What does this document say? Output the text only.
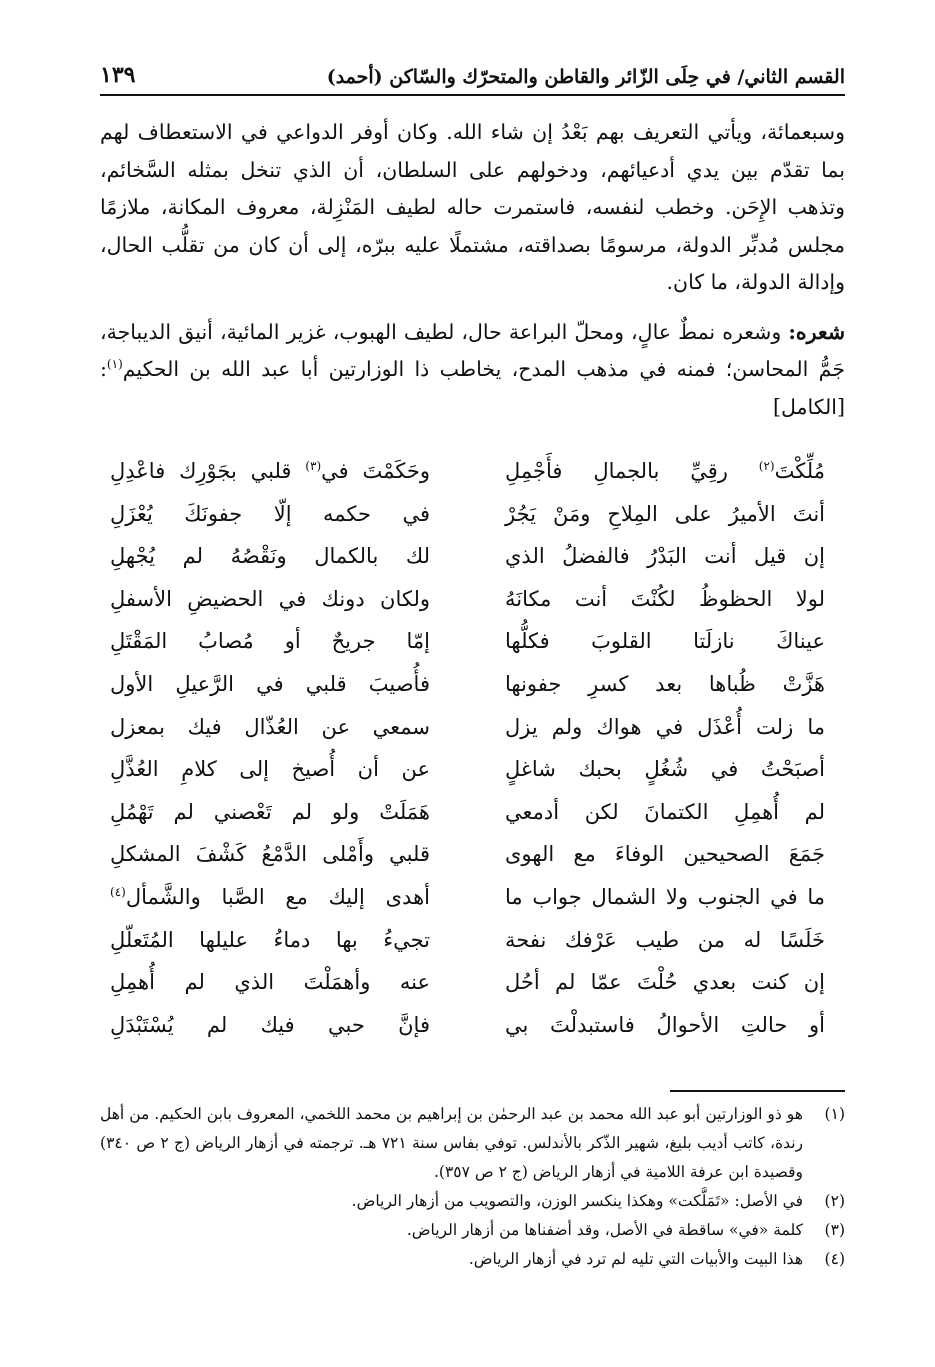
القسم الثاني/ في حِلَى الزّائر والقاطن والمتحرّك والسّاكن (أحمد)
١٣٩

وسبعمائة، ويأتي التعريف بهم بَعْدُ إن شاء الله. وكان أوفر الدواعي في الاستعطاف لهم بما تقدّم بين يدي أدعيائهم، ودخولهم على السلطان، أن الذي تنخل بمثله السَّخائم، وتذهب الإِحَن. وخطب لنفسه، فاستمرت حاله لطيف المَنْزِلة، معروف المكانة، ملازمًا مجلس مُدبِّر الدولة، مرسومًا بصداقته، مشتملًا عليه ببرّه، إلى أن كان من تقلُّب الحال، وإدالة الدولة، ما كان.

شعره: وشعره نمطٌ عالٍ، ومحلّ البراعة حال، لطيف الهبوب، غزير المائية، أنيق الديباجة، جَمُّ المحاسن؛ فمنه في مذهب المدح، يخاطب ذا الوزارتين أبا عبد الله بن الحكيم$^{(١)}$: [الكامل]

مُلِّكْتَ$^{(٢)}$ رقِيِّ بالجمالِ فأَجْمِلِ
وحَكَمْتَ في$^{(٣)}$ قلبي بجَوْرِك فاعْدِلِ
أنتَ الأميرُ على المِلاحِ ومَنْ يَجُرْ
في حكمه إلّا جفونَكَ يُعْزَلِ
إن قيل أنت البَدْرُ فالفضلُ الذي
لك بالكمال ونَقْصُهُ لم يُجْهلِ
لولا الحظوظُ لكُنْتَ أنت مكانَهُ
ولكان دونك في الحضيضِ الأسفلِ
عيناكَ نازلَتا القلوبَ فكلُّها
إمّا جريحٌ أو مُصابُ المَقْتَلِ
هَزَّتْ ظُباها بعد كسرِ جفونها
فأُصيبَ قلبي في الرَّعيلِ الأول
ما زلت أُعْذَل في هواك ولم يزل
سمعي عن العُذّال فيك بمعزل
أصبَحْتُ في شُغُلٍ بحبك شاغلٍ
عن أن أُصيخ إلى كلامِ العُذَّلِ
لم أُهمِلِ الكتمانَ لكن أدمعي
هَمَلَتْ ولو لم تَعْصني لم تَهْمُلِ
جَمَعَ الصحيحين الوفاءَ مع الهوى
قلبي وأَمْلى الدَّمْعُ كَشْفَ المشكلِ
ما في الجنوب ولا الشمال جواب ما
أهدى إليك مع الصَّبا والشَّمأل$^{(٤)}$
خَلَسًا له من طيب عَرْفك نفحة
تجيءُ بها دماءُ عليلها المُتَعلّلِ
إن كنت بعدي حُلْتَ عمّا لم أحُل
عنه وأهمَلْتَ الذي لم أُهمِلِ
أو حالتِ الأحوالُ فاستبدلْتَ بي
فإنَّ حبي فيك لم يُسْتَبْدَلِ
(١)
هو ذو الوزارتين أبو عبد الله محمد بن عبد الرحمٰن بن إبراهيم بن محمد اللخمي، المعروف بابن الحكيم. من أهل رندة، كاتب أديب بليغ، شهير الذّكر بالأندلس. توفي بفاس سنة ٧٢١ هـ. ترجمته في أزهار الرياض (ج ٢ ص ٣٤٠) وقصيدة ابن عرفة اللامية في أزهار الرياض (ج ٢ ص ٣٥٧).
(٢)
في الأصل: «تَمَلَّكت» وهكذا ينكسر الوزن، والتصويب من أزهار الرياض.
(٣)
كلمة «في» ساقطة في الأصل، وقد أضفناها من أزهار الرياض.
(٤)
هذا البيت والأبيات التي تليه لم ترد في أزهار الرياض.
